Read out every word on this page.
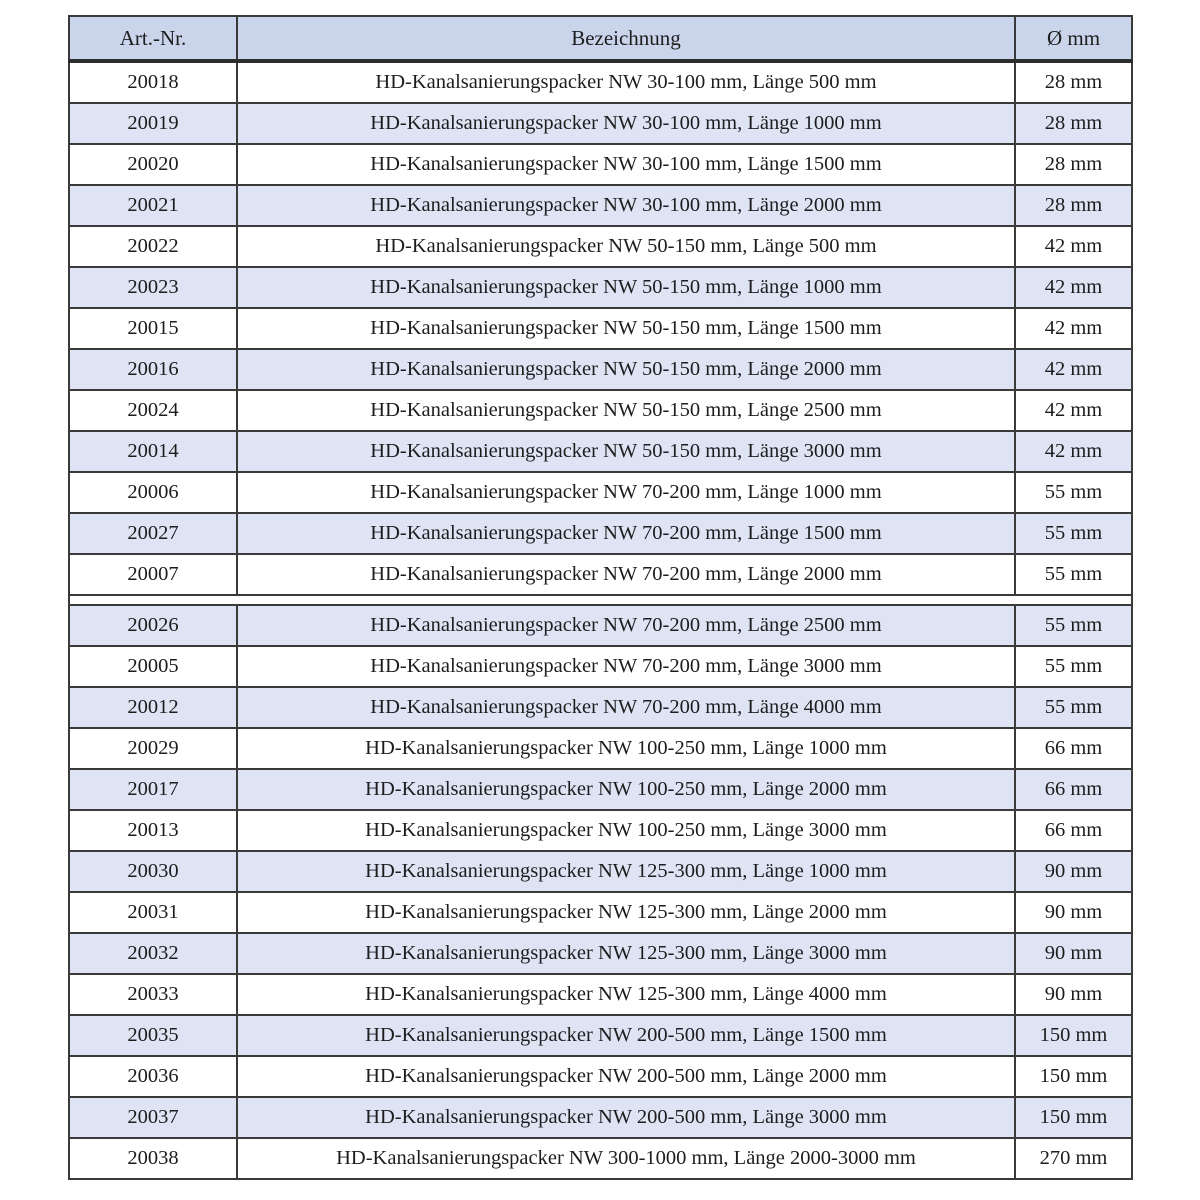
Art.-Nr.	Bezeichnung	Ø mm
20018	HD-Kanalsanierungspacker NW 30-100 mm, Länge 500 mm	28 mm
20019	HD-Kanalsanierungspacker NW 30-100 mm, Länge 1000 mm	28 mm
20020	HD-Kanalsanierungspacker NW 30-100 mm, Länge 1500 mm	28 mm
20021	HD-Kanalsanierungspacker NW 30-100 mm, Länge 2000 mm	28 mm
20022	HD-Kanalsanierungspacker NW 50-150 mm, Länge 500 mm	42 mm
20023	HD-Kanalsanierungspacker NW 50-150 mm, Länge 1000 mm	42 mm
20015	HD-Kanalsanierungspacker NW 50-150 mm, Länge 1500 mm	42 mm
20016	HD-Kanalsanierungspacker NW 50-150 mm, Länge 2000 mm	42 mm
20024	HD-Kanalsanierungspacker NW 50-150 mm, Länge 2500 mm	42 mm
20014	HD-Kanalsanierungspacker NW 50-150 mm, Länge 3000 mm	42 mm
20006	HD-Kanalsanierungspacker NW 70-200 mm, Länge 1000 mm	55 mm
20027	HD-Kanalsanierungspacker NW 70-200 mm, Länge 1500 mm	55 mm
20007	HD-Kanalsanierungspacker NW 70-200 mm, Länge 2000 mm	55 mm

20026	HD-Kanalsanierungspacker NW 70-200 mm, Länge 2500 mm	55 mm
20005	HD-Kanalsanierungspacker NW 70-200 mm, Länge 3000 mm	55 mm
20012	HD-Kanalsanierungspacker NW 70-200 mm, Länge 4000 mm	55 mm
20029	HD-Kanalsanierungspacker NW 100-250 mm, Länge 1000 mm	66 mm
20017	HD-Kanalsanierungspacker NW 100-250 mm, Länge 2000 mm	66 mm
20013	HD-Kanalsanierungspacker NW 100-250 mm, Länge 3000 mm	66 mm
20030	HD-Kanalsanierungspacker NW 125-300 mm, Länge 1000 mm	90 mm
20031	HD-Kanalsanierungspacker NW 125-300 mm, Länge 2000 mm	90 mm
20032	HD-Kanalsanierungspacker NW 125-300 mm, Länge 3000 mm	90 mm
20033	HD-Kanalsanierungspacker NW 125-300 mm, Länge 4000 mm	90 mm
20035	HD-Kanalsanierungspacker NW 200-500 mm, Länge 1500 mm	150 mm
20036	HD-Kanalsanierungspacker NW 200-500 mm, Länge 2000 mm	150 mm
20037	HD-Kanalsanierungspacker NW 200-500 mm, Länge 3000 mm	150 mm
20038	HD-Kanalsanierungspacker NW 300-1000 mm, Länge 2000-3000 mm	270 mm
